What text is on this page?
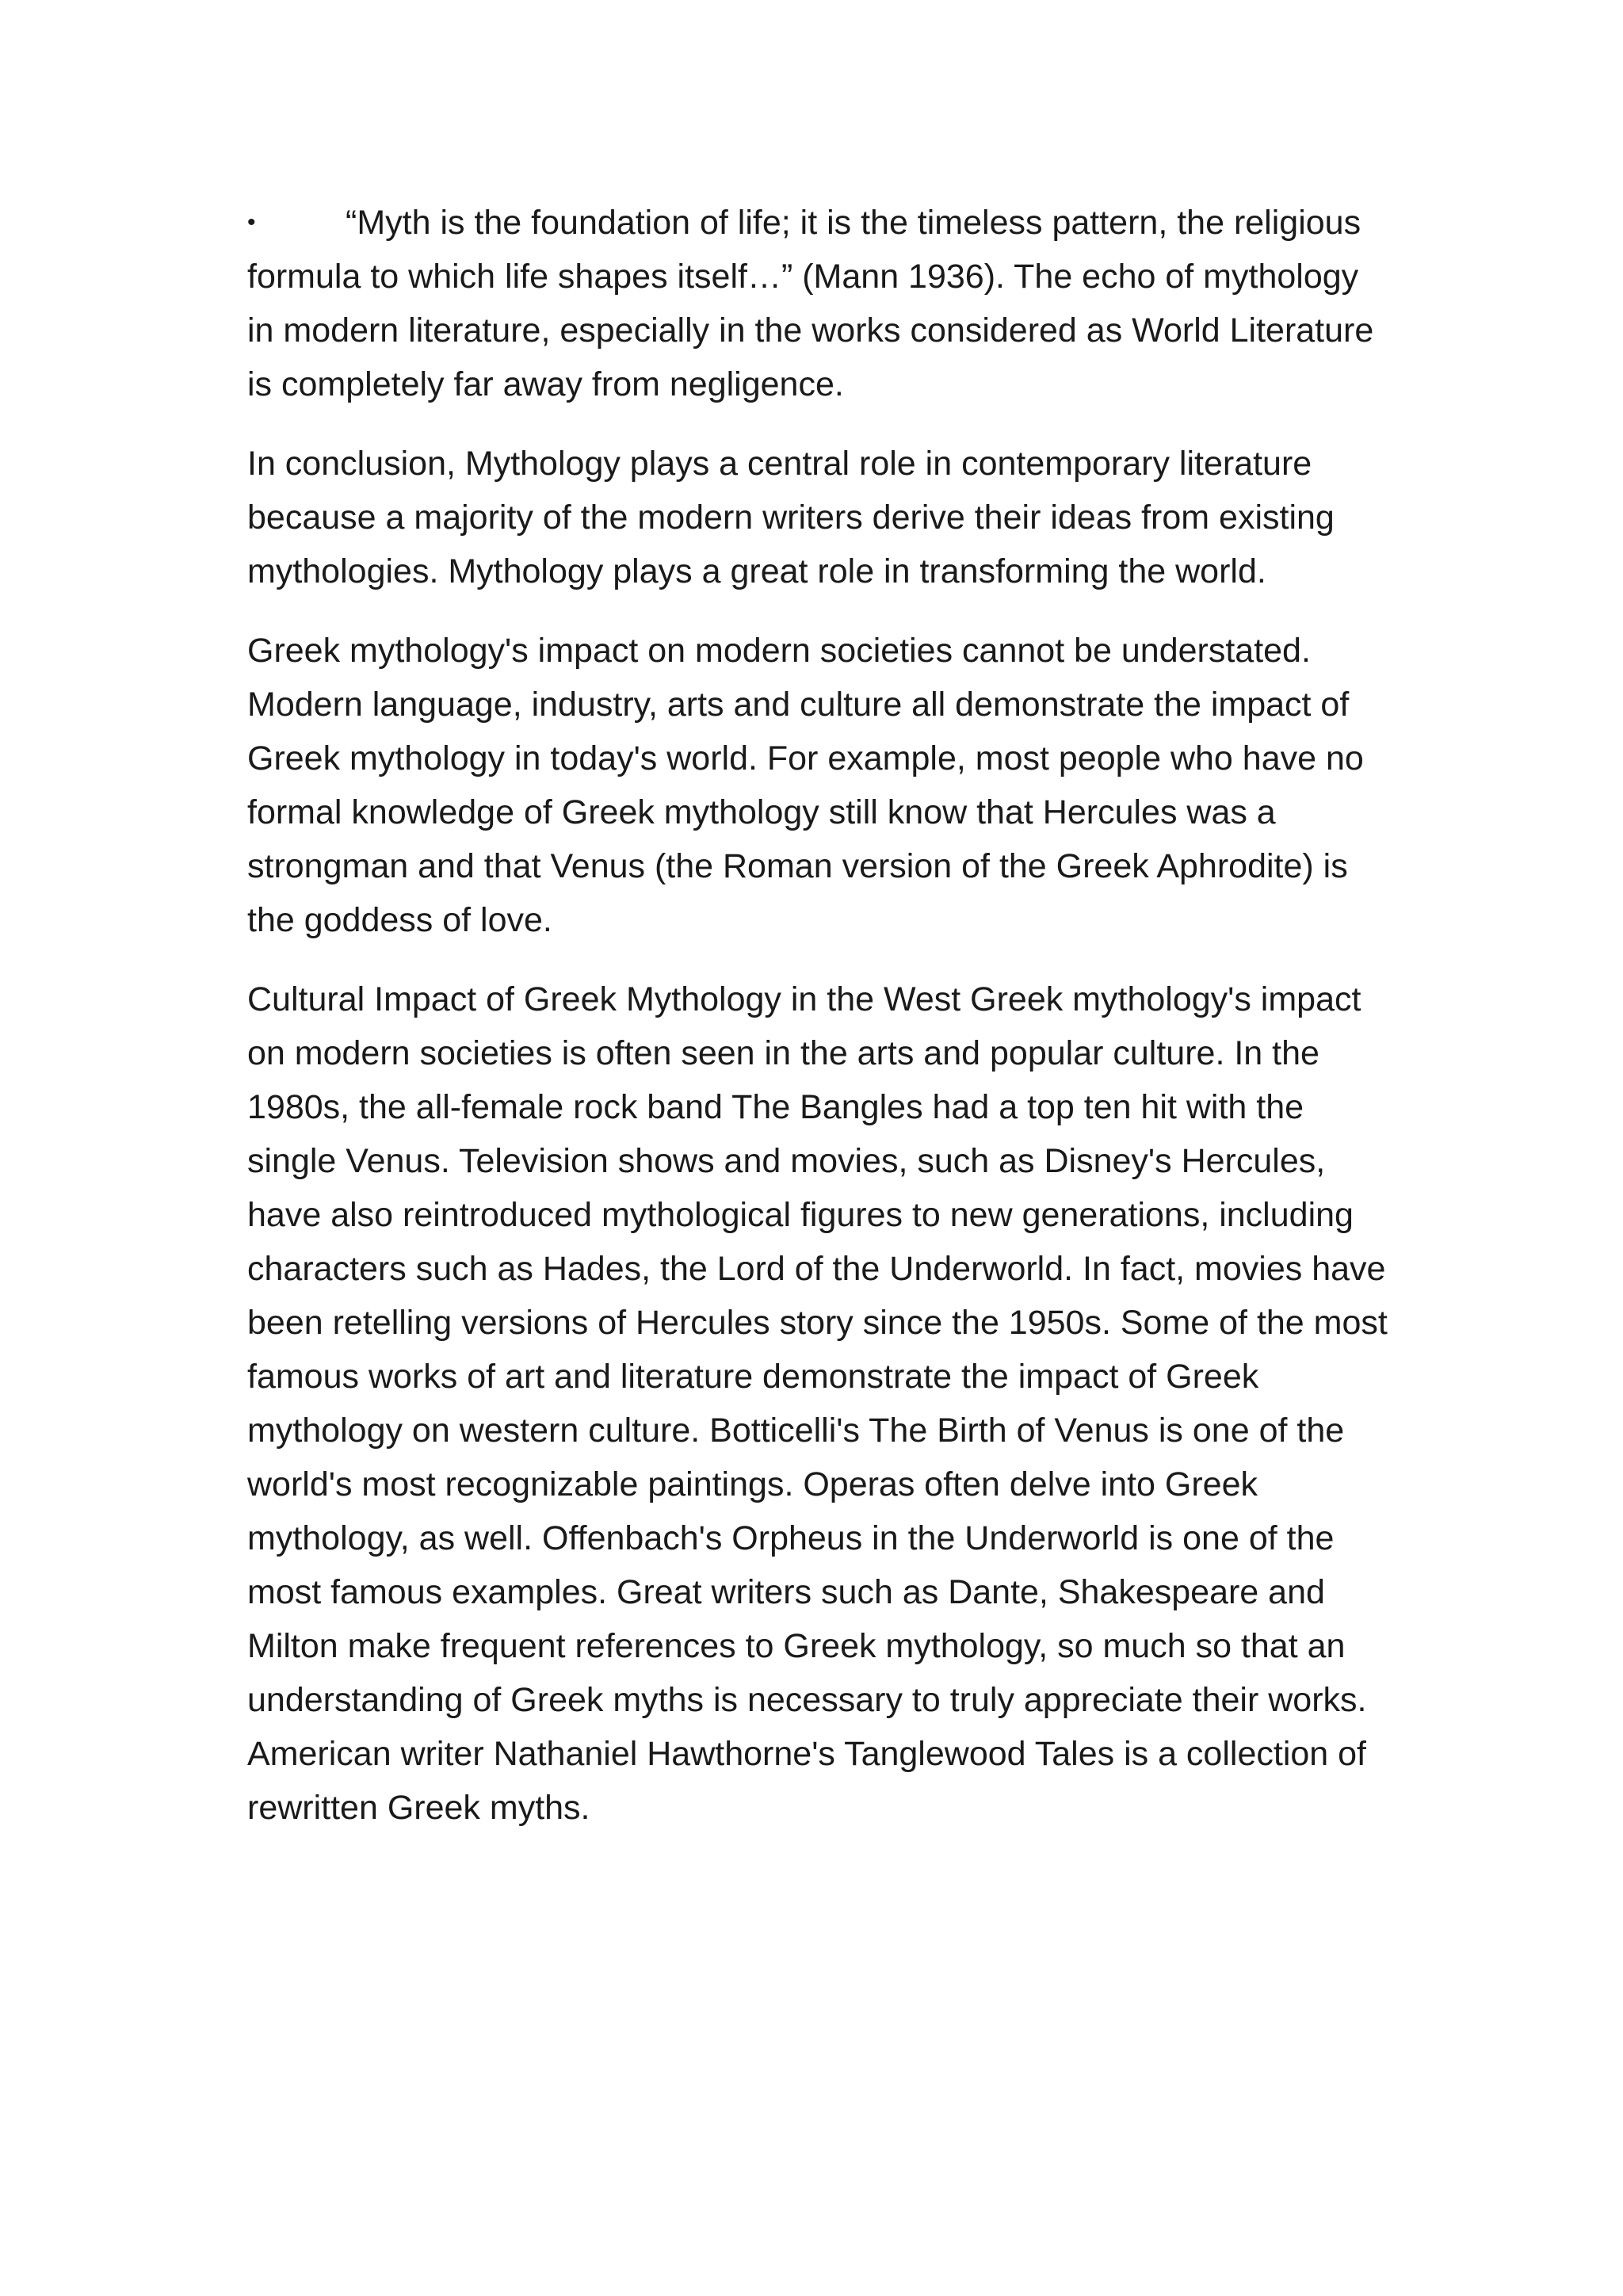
•	“Myth is the foundation of life; it is the timeless pattern, the religious formula to which life shapes itself…” (Mann 1936). The echo of mythology in modern literature, especially in the works considered as World Literature is completely far away from negligence.

In conclusion, Mythology plays a central role in contemporary literature because a majority of the modern writers derive their ideas from existing mythologies. Mythology plays a great role in transforming the world.

Greek mythology's impact on modern societies cannot be understated. Modern language, industry, arts and culture all demonstrate the impact of Greek mythology in today's world. For example, most people who have no formal knowledge of Greek mythology still know that Hercules was a strongman and that Venus (the Roman version of the Greek Aphrodite) is the goddess of love.

Cultural Impact of Greek Mythology in the West Greek mythology's impact on modern societies is often seen in the arts and popular culture. In the 1980s, the all-female rock band The Bangles had a top ten hit with the single Venus. Television shows and movies, such as Disney's Hercules, have also reintroduced mythological figures to new generations, including characters such as Hades, the Lord of the Underworld. In fact, movies have been retelling versions of Hercules story since the 1950s. Some of the most famous works of art and literature demonstrate the impact of Greek mythology on western culture. Botticelli's The Birth of Venus is one of the world's most recognizable paintings. Operas often delve into Greek mythology, as well. Offenbach's Orpheus in the Underworld is one of the most famous examples. Great writers such as Dante, Shakespeare and Milton make frequent references to Greek mythology, so much so that an understanding of Greek myths is necessary to truly appreciate their works. American writer Nathaniel Hawthorne's Tanglewood Tales is a collection of rewritten Greek myths.
